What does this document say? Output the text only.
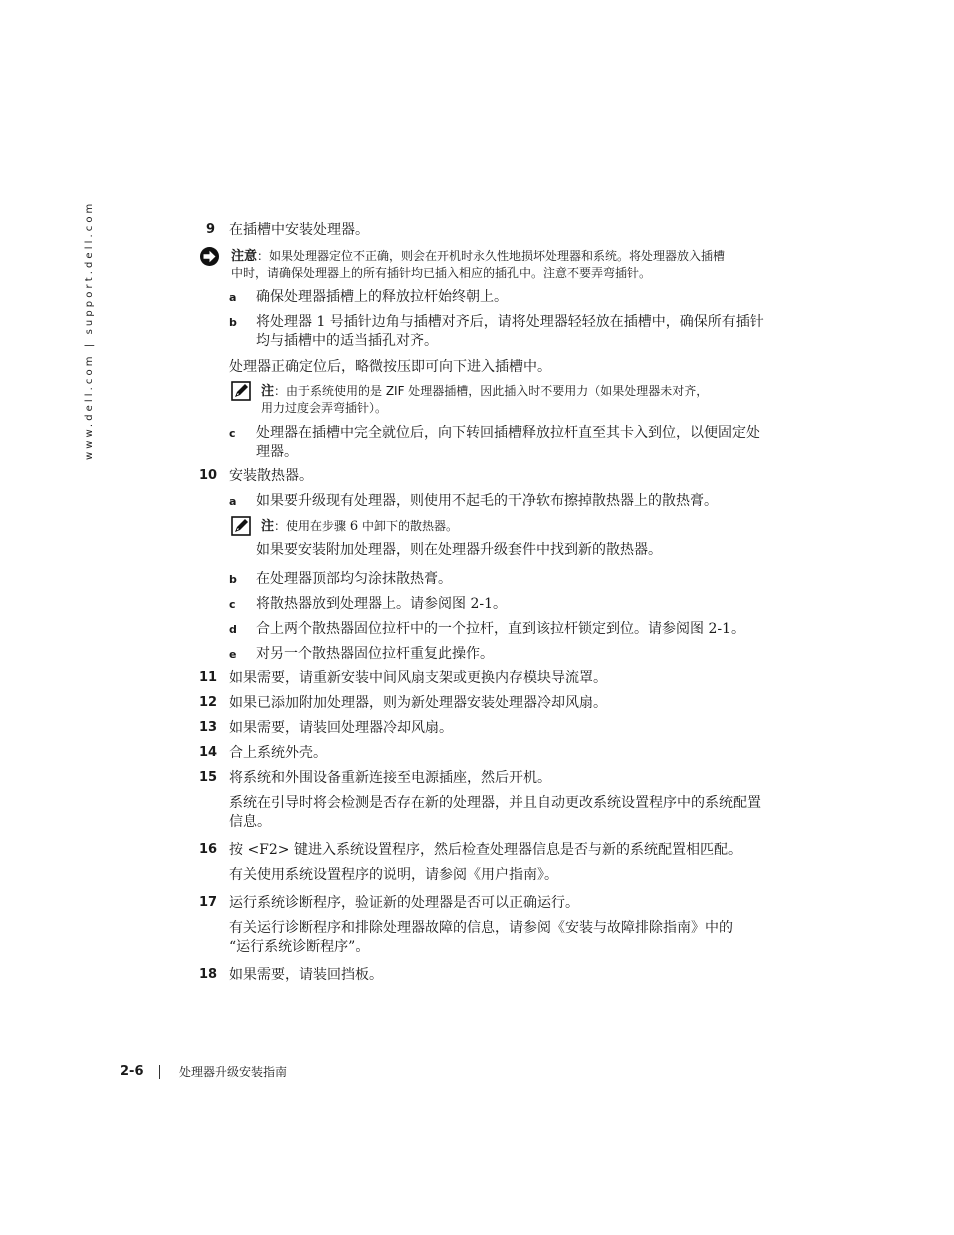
www.dell.com | support.dell.com	9 在插槽中安装处理器。
注意：如果处理器定位不正确，则会在开机时永久性地损坏处理器和系统。将处理器放入插槽
中时，请确保处理器上的所有插针均已插入相应的插孔中。注意不要弄弯插针。
a 确保处理器插槽上的释放拉杆始终朝上。
b 将处理器 1 号插针边角与插槽对齐后，请将处理器轻轻放在插槽中，确保所有插针
均与插槽中的适当插孔对齐。
处理器正确定位后，略微按压即可向下进入插槽中。
注：由于系统使用的是 ZIF 处理器插槽，因此插入时不要用力（如果处理器未对齐，
用力过度会弄弯插针）。
c 处理器在插槽中完全就位后，向下转回插槽释放拉杆直至其卡入到位，以便固定处
理器。
10 安装散热器。
a 如果要升级现有处理器，则使用不起毛的干净软布擦掉散热器上的散热膏。
注：使用在步骤 6 中卸下的散热器。
如果要安装附加处理器，则在处理器升级套件中找到新的散热器。
b 在处理器顶部均匀涂抹散热膏。
c 将散热器放到处理器上。请参阅图 2-1。
d 合上两个散热器固位拉杆中的一个拉杆，直到该拉杆锁定到位。请参阅图 2-1。
e 对另一个散热器固位拉杆重复此操作。
11 如果需要，请重新安装中间风扇支架或更换内存模块导流罩。
12 如果已添加附加处理器，则为新处理器安装处理器冷却风扇。
13 如果需要，请装回处理器冷却风扇。
14 合上系统外壳。
15 将系统和外围设备重新连接至电源插座，然后开机。
系统在引导时将会检测是否存在新的处理器，并且自动更改系统设置程序中的系统配置
信息。
16 按 <F2> 键进入系统设置程序，然后检查处理器信息是否与新的系统配置相匹配。
有关使用系统设置程序的说明，请参阅《用户指南》。
17 运行系统诊断程序，验证新的处理器是否可以正确运行。
有关运行诊断程序和排除处理器故障的信息，请参阅《安装与故障排除指南》中的
“运行系统诊断程序”。
18 如果需要，请装回挡板。
2-6	处理器升级安装指南
